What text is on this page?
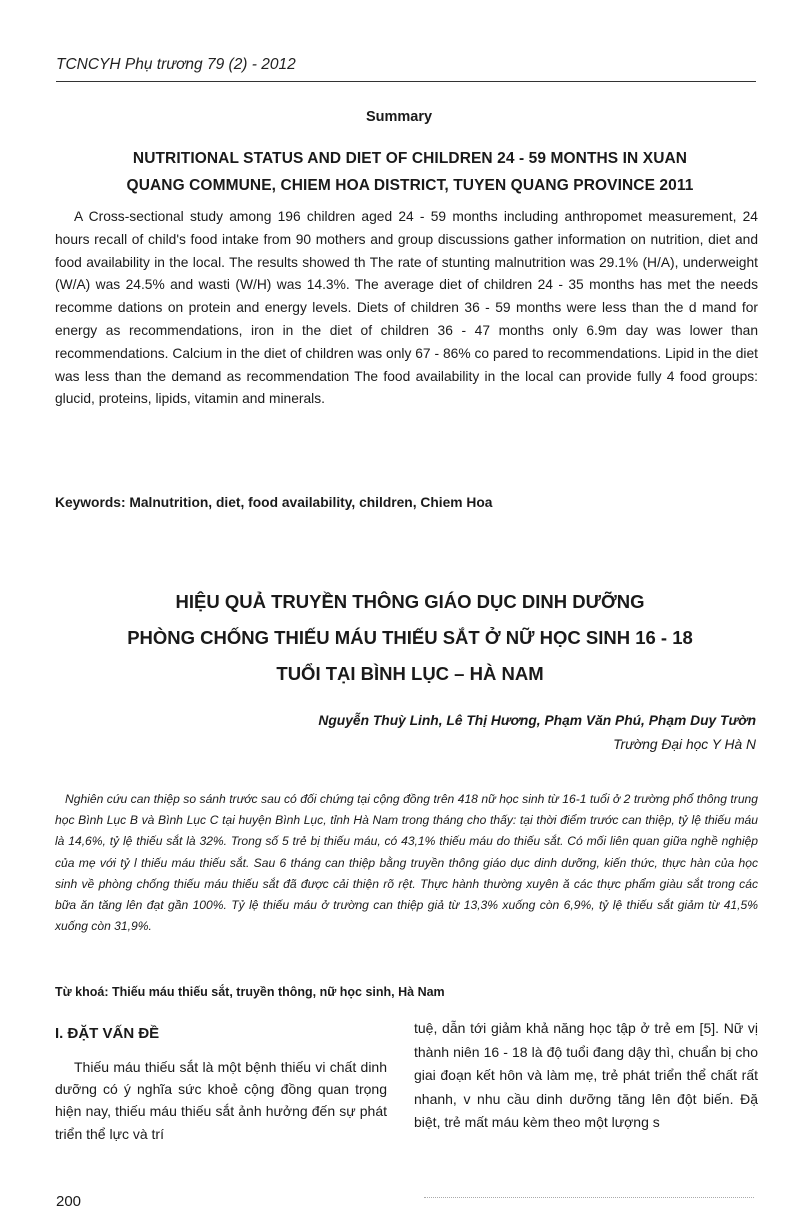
TCNCYH Phụ trương 79 (2) - 2012
Summary
NUTRITIONAL STATUS AND DIET OF CHILDREN 24 - 59 MONTHS IN XUAN
QUANG COMMUNE, CHIEM HOA DISTRICT, TUYEN QUANG PROVINCE 2011
A Cross-sectional study among 196 children aged 24 - 59 months including anthropomet measurement, 24 hours recall of child's food intake from 90 mothers and group discussions gather information on nutrition, diet and food availability in the local. The results showed th The rate of stunting malnutrition was 29.1% (H/A), underweight (W/A) was 24.5% and wasti (W/H) was 14.3%. The average diet of children 24 - 35 months has met the needs recomme dations on protein and energy levels. Diets of children 36 - 59 months were less than the d mand for energy as recommendations, iron in the diet of children 36 - 47 months only 6.9m day was lower than recommendations. Calcium in the diet of children was only 67 - 86% co pared to recommendations. Lipid in the diet was less than the demand as recommendation The food availability in the local can provide fully 4 food groups: glucid, proteins, lipids, vitamin and minerals.
Keywords: Malnutrition, diet, food availability, children, Chiem Hoa
HIỆU QUẢ TRUYỀN THÔNG GIÁO DỤC DINH DƯỠNG
PHÒNG CHỐNG THIẾU MÁU THIẾU SẮT Ở NỮ HỌC SINH 16 - 18
TUỔI TẠI BÌNH LỤC – HÀ NAM
Nguyễn Thuỳ Linh, Lê Thị Hương, Phạm Văn Phú, Phạm Duy Tườn
Trường Đại học Y Hà N
Nghiên cứu can thiệp so sánh trước sau có đối chứng tại cộng đồng trên 418 nữ học sinh từ 16-1 tuổi ở 2 trường phổ thông trung học Bình Lục B và Bình Lục C tại huyện Bình Lục, tỉnh Hà Nam trong tháng cho thấy: tại thời điểm trước can thiệp, tỷ lệ thiếu máu là 14,6%, tỷ lệ thiếu sắt là 32%. Trong số 5 trẻ bị thiếu máu, có 43,1% thiếu máu do thiếu sắt. Có mối liên quan giữa nghề nghiệp của mẹ với tỷ l thiếu máu thiếu sắt. Sau 6 tháng can thiệp bằng truyền thông giáo dục dinh dưỡng, kiến thức, thực hàn của học sinh về phòng chống thiếu máu thiếu sắt đã được cải thiện rõ rệt. Thực hành thường xuyên ă các thực phẩm giàu sắt trong các bữa ăn tăng lên đạt gần 100%. Tỷ lệ thiếu máu ở trường can thiệp giả từ 13,3% xuống còn 6,9%, tỷ lệ thiếu sắt giảm từ 41,5% xuống còn 31,9%.
Từ khoá: Thiếu máu thiếu sắt, truyền thông, nữ học sinh, Hà Nam
I. ĐẶT VẤN ĐỀ
Thiếu máu thiếu sắt là một bệnh thiếu vi chất dinh dưỡng có ý nghĩa sức khoẻ cộng đồng quan trọng hiện nay, thiếu máu thiếu sắt ảnh hưởng đến sự phát triển thể lực và trí
tuệ, dẫn tới giảm khả năng học tập ở trẻ em [5]. Nữ vị thành niên 16 - 18 là độ tuổi đang dậy thì, chuẩn bị cho giai đoạn kết hôn và làm mẹ, trẻ phát triển thể chất rất nhanh, v nhu cầu dinh dưỡng tăng lên đột biến. Đặ biệt, trẻ mất máu kèm theo một lượng s
200
